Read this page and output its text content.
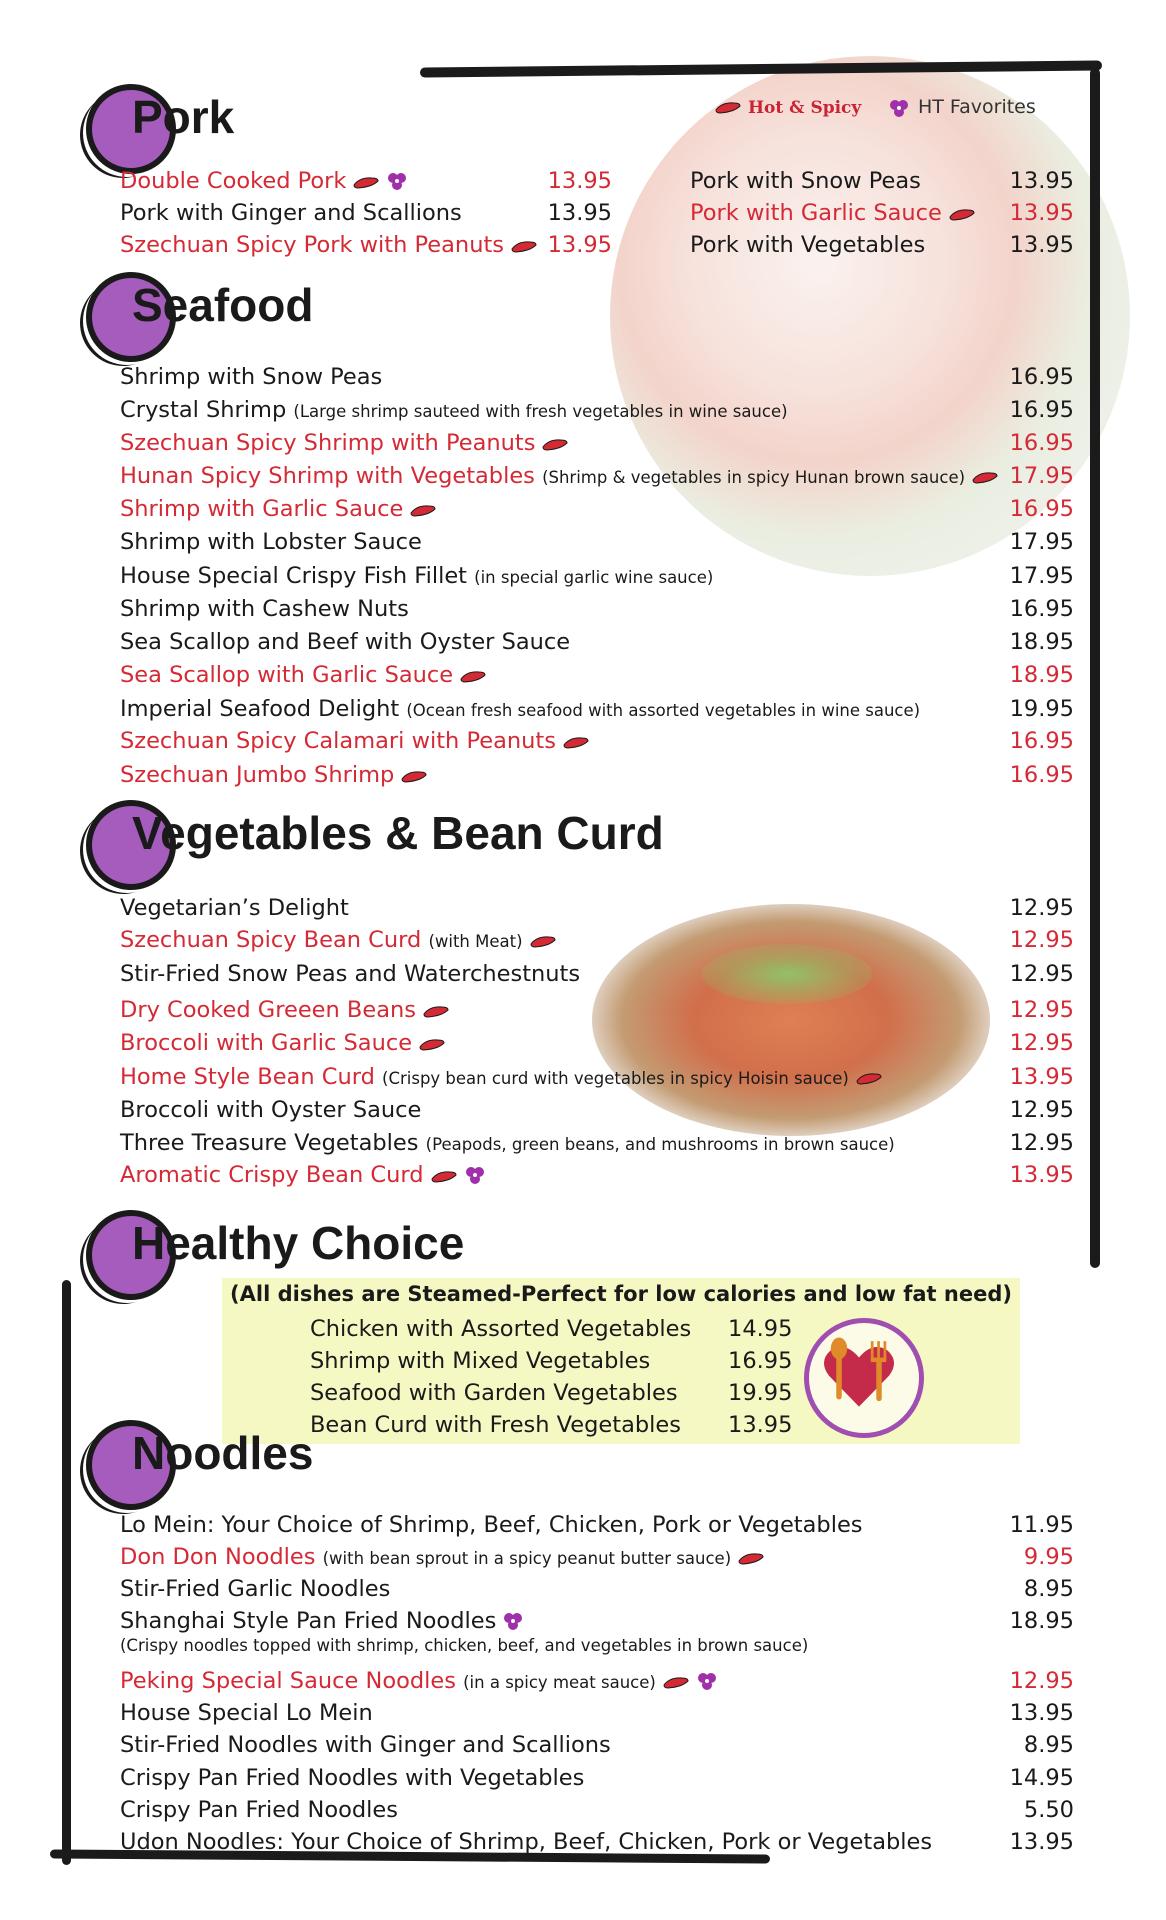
Hot & Spicy	HT Favorites
Pork
Double Cooked Pork	13.95
Pork with Ginger and Scallions	13.95
Szechuan Spicy Pork with Peanuts	13.95
Pork with Snow Peas	13.95
Pork with Garlic Sauce	13.95
Pork with Vegetables	13.95
Seafood
Shrimp with Snow Peas	16.95
Crystal Shrimp (Large shrimp sauteed with fresh vegetables in wine sauce)	16.95
Szechuan Spicy Shrimp with Peanuts	16.95
Hunan Spicy Shrimp with Vegetables (Shrimp & vegetables in spicy Hunan brown sauce)	17.95
Shrimp with Garlic Sauce	16.95
Shrimp with Lobster Sauce	17.95
House Special Crispy Fish Fillet (in special garlic wine sauce)	17.95
Shrimp with Cashew Nuts	16.95
Sea Scallop and Beef with Oyster Sauce	18.95
Sea Scallop with Garlic Sauce	18.95
Imperial Seafood Delight (Ocean fresh seafood with assorted vegetables in wine sauce)	19.95
Szechuan Spicy Calamari with Peanuts	16.95
Szechuan Jumbo Shrimp	16.95
Vegetables & Bean Curd
Vegetarian’s Delight	12.95
Szechuan Spicy Bean Curd (with Meat)	12.95
Stir-Fried Snow Peas and Waterchestnuts	12.95
Dry Cooked Greeen Beans	12.95
Broccoli with Garlic Sauce	12.95
Home Style Bean Curd (Crispy bean curd with vegetables in spicy Hoisin sauce)	13.95
Broccoli with Oyster Sauce	12.95
Three Treasure Vegetables (Peapods, green beans, and mushrooms in brown sauce)	12.95
Aromatic Crispy Bean Curd	13.95
Healthy Choice
(All dishes are Steamed-Perfect for low calories and low fat need)
Chicken with Assorted Vegetables 14.95
Shrimp with Mixed Vegetables	16.95
Seafood with Garden Vegetables 19.95
Bean Curd with Fresh Vegetables 13.95
Noodles
Lo Mein: Your Choice of Shrimp, Beef, Chicken, Pork or Vegetables	11.95
Don Don Noodles (with bean sprout in a spicy peanut butter sauce)	9.95
Stir-Fried Garlic Noodles	8.95
Shanghai Style Pan Fried Noodles	18.95
(Crispy noodles topped with shrimp, chicken, beef, and vegetables in brown sauce)
Peking Special Sauce Noodles (in a spicy meat sauce)	12.95
House Special Lo Mein	13.95
Stir-Fried Noodles with Ginger and Scallions	8.95
Crispy Pan Fried Noodles with Vegetables	14.95
Crispy Pan Fried Noodles	5.50
Udon Noodles: Your Choice of Shrimp, Beef, Chicken, Pork or Vegetables	13.95
